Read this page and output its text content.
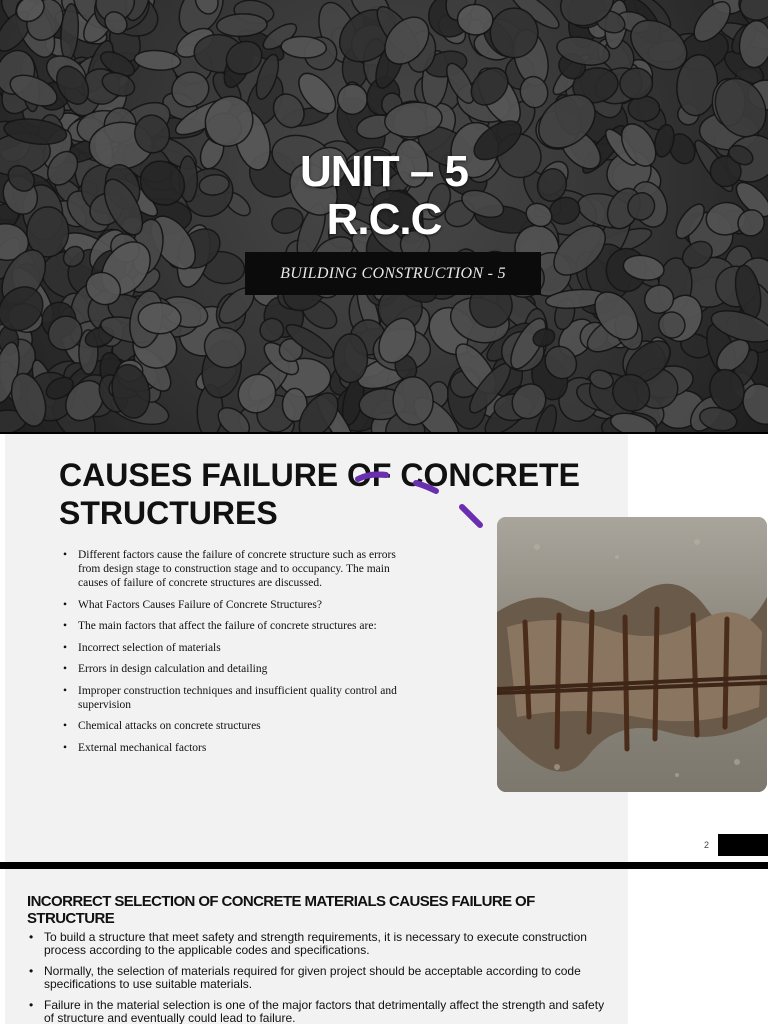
UNIT – 5
R.C.C
BUILDING CONSTRUCTION - 5
CAUSES FAILURE OF CONCRETE STRUCTURES
• Different factors cause the failure of concrete structure such as errors from design stage to construction stage and to occupancy. The main causes of failure of concrete structures are discussed.
• What Factors Causes Failure of Concrete Structures?
• The main factors that affect the failure of concrete structures are:
• Incorrect selection of materials
• Errors in design calculation and detailing
• Improper construction techniques and insufficient quality control and supervision
• Chemical attacks on concrete structures
• External mechanical factors
2
INCORRECT SELECTION OF CONCRETE MATERIALS CAUSES FAILURE OF STRUCTURE
• To build a structure that meet safety and strength requirements, it is necessary to execute construction process according to the applicable codes and specifications.
• Normally, the selection of materials required for given project should be acceptable according to code specifications to use suitable materials.
• Failure in the material selection is one of the major factors that detrimentally affect the strength and safety of structure and eventually could lead to failure.
